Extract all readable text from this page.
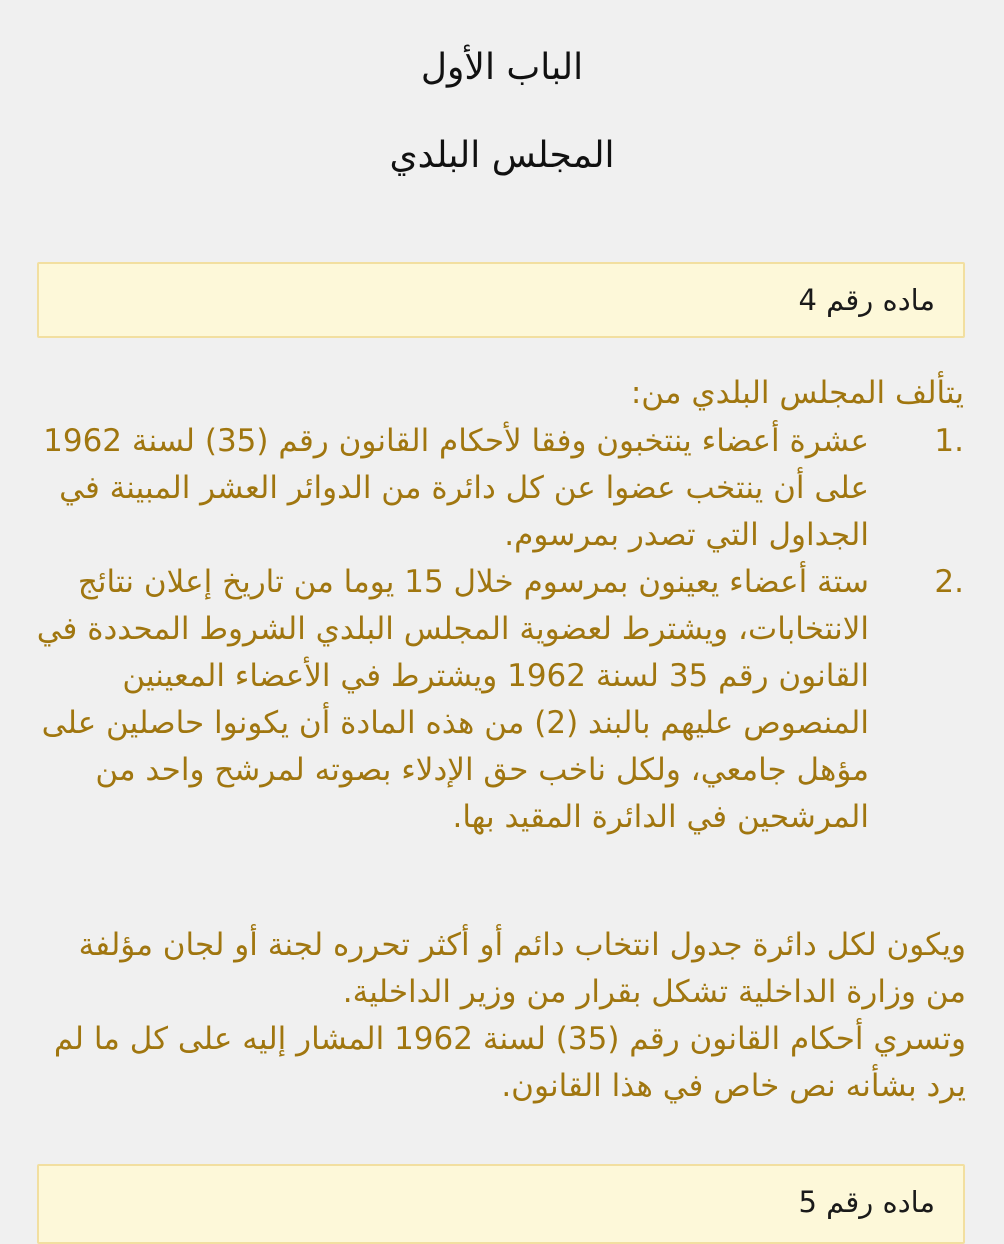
الباب الأول
المجلس البلدي
ماده رقم 4
يتألف المجلس البلدي من:
1.
عشرة أعضاء ينتخبون وفقا لأحكام القانون رقم (35) لسنة 1962 على أن ينتخب عضوا عن كل دائرة من الدوائر العشر المبينة في الجداول التي تصدر بمرسوم.
2.
ستة أعضاء يعينون بمرسوم خلال 15 يوما من تاريخ إعلان نتائج الانتخابات، ويشترط لعضوية المجلس البلدي الشروط المحددة في القانون رقم 35 لسنة 1962 ويشترط في الأعضاء المعينين المنصوص عليهم بالبند (2) من هذه المادة أن يكونوا حاصلين على مؤهل جامعي، ولكل ناخب حق الإدلاء بصوته لمرشح واحد من المرشحين في الدائرة المقيد بها.

ويكون لكل دائرة جدول انتخاب دائم أو أكثر تحرره لجنة أو لجان مؤلفة من وزارة الداخلية تشكل بقرار من وزير الداخلية.

وتسري أحكام القانون رقم (35) لسنة 1962 المشار إليه على كل ما لم يرد بشأنه نص خاص في هذا القانون.

ماده رقم 5
